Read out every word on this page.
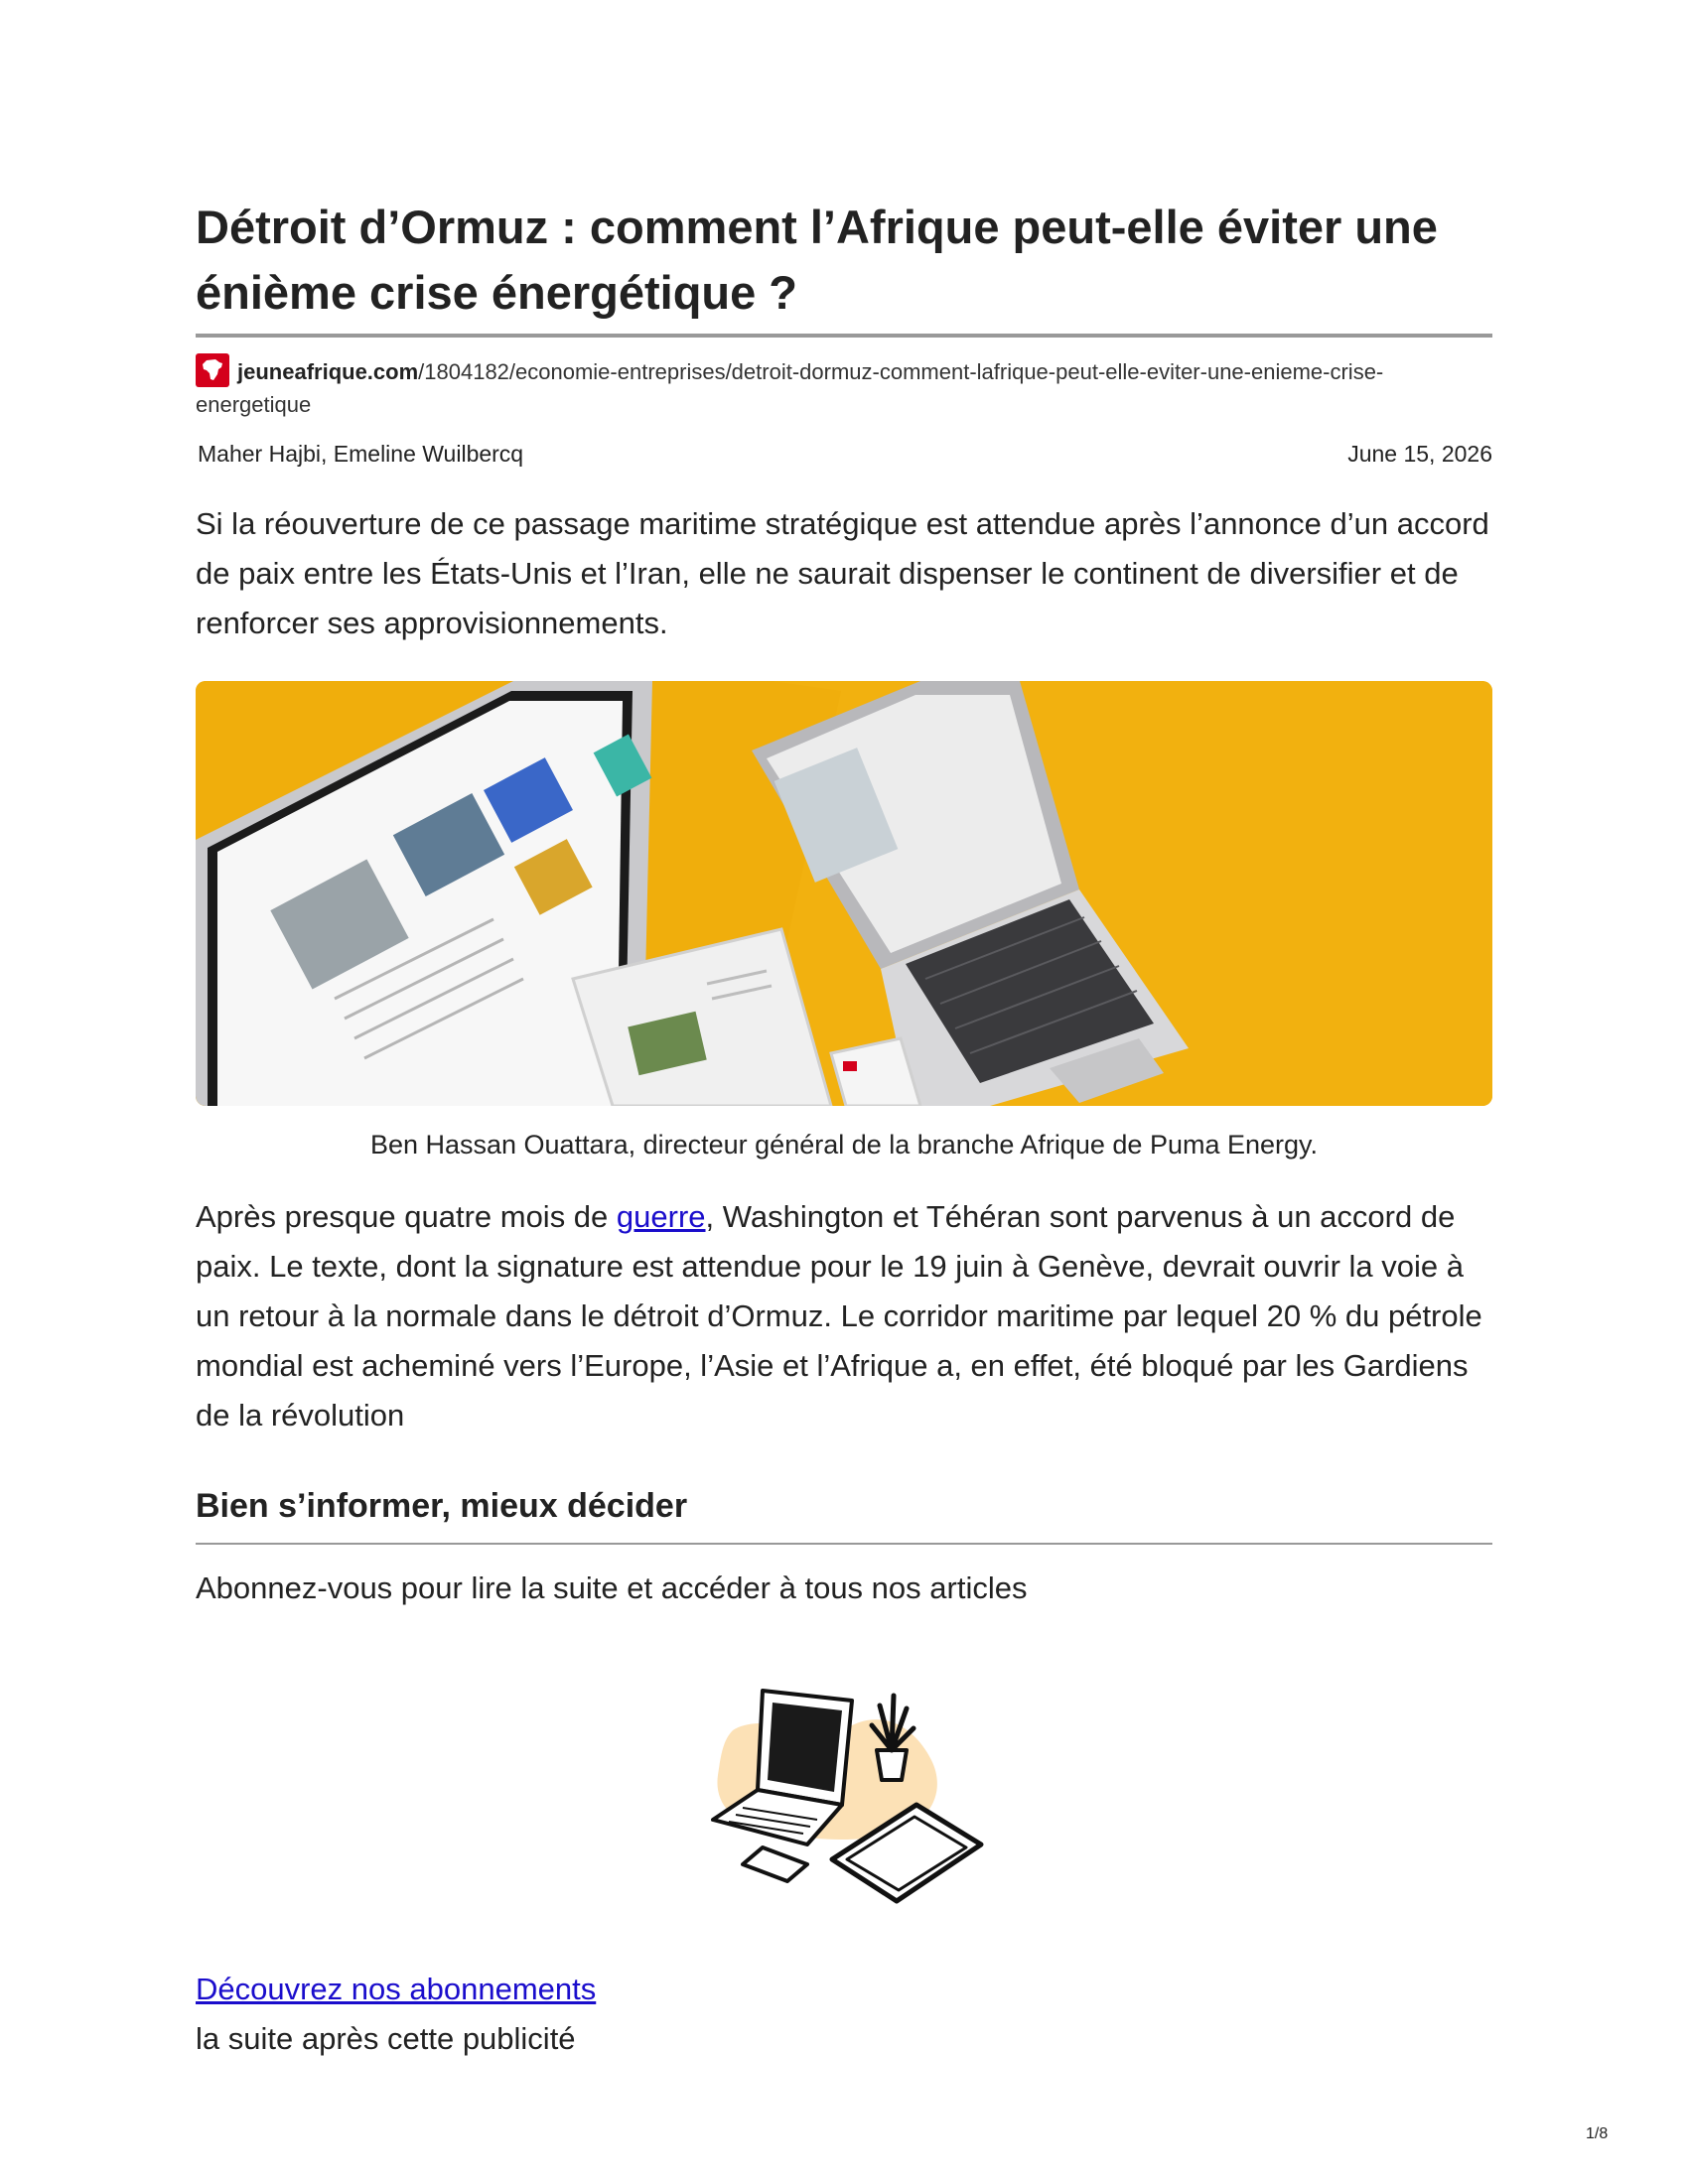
Détroit d’Ormuz : comment l’Afrique peut-elle éviter une énième crise énergétique ?
jeuneafrique.com/1804182/economie-entreprises/detroit-dormuz-comment-lafrique-peut-elle-eviter-une-enieme-crise-energetique
Maher Hajbi, Emeline Wuilbercq	June 15, 2026

Si la réouverture de ce passage maritime stratégique est attendue après l’annonce d’un accord de paix entre les États-Unis et l’Iran, elle ne saurait dispenser le continent de diversifier et de renforcer ses approvisionnements.

Ben Hassan Ouattara, directeur général de la branche Afrique de Puma Energy.

Après presque quatre mois de guerre, Washington et Téhéran sont parvenus à un accord de paix. Le texte, dont la signature est attendue pour le 19 juin à Genève, devrait ouvrir la voie à un retour à la normale dans le détroit d’Ormuz. Le corridor maritime par lequel 20 % du pétrole mondial est acheminé vers l’Europe, l’Asie et l’Afrique a, en effet, été bloqué par les Gardiens de la révolution

Bien s’informer, mieux décider
Abonnez-vous pour lire la suite et accéder à tous nos articles
Découvrez nos abonnements
la suite après cette publicité
1/8
